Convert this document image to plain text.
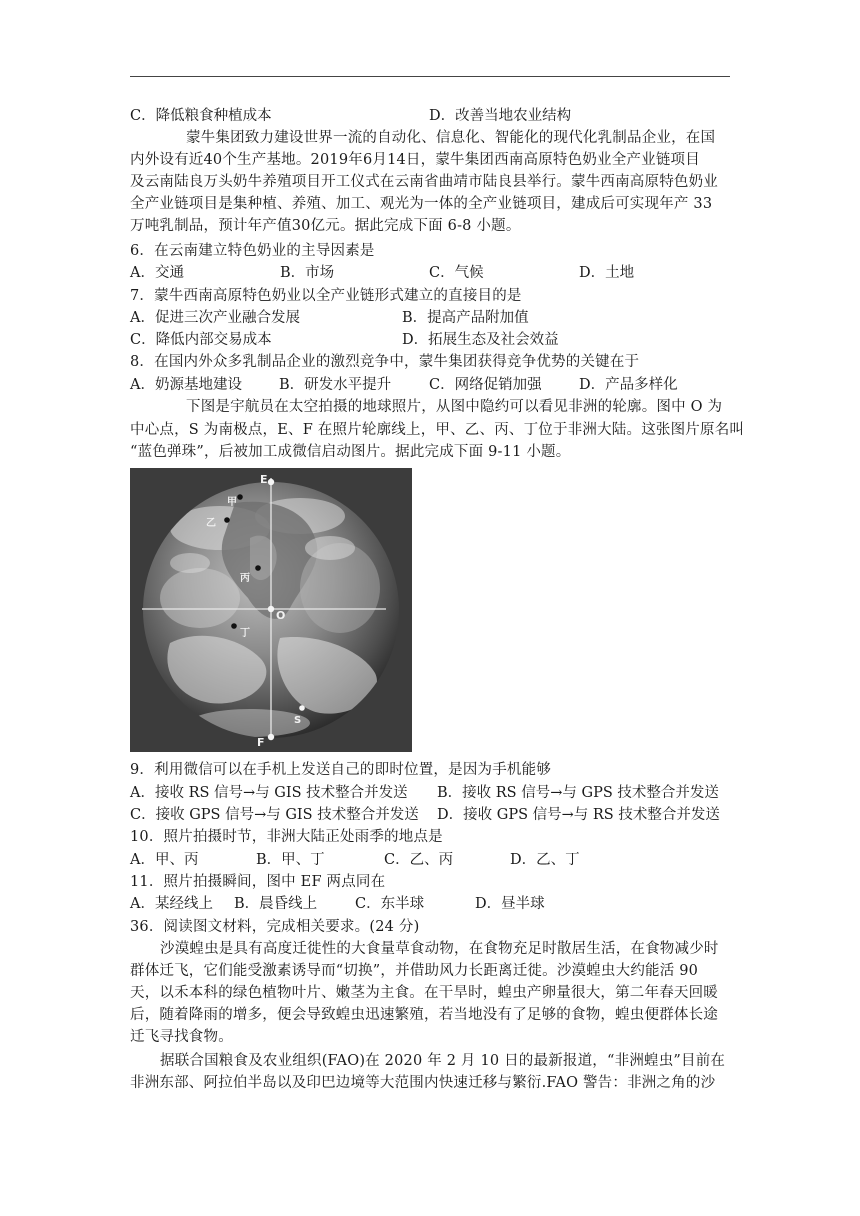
C．降低粮食种植成本	D．改善当地农业结构
蒙牛集团致力建设世界一流的自动化、信息化、智能化的现代化乳制品企业，在国
内外设有近40个生产基地。2019年6月14日，蒙牛集团西南高原特色奶业全产业链项目
及云南陆良万头奶牛养殖项目开工仪式在云南省曲靖市陆良县举行。蒙牛西南高原特色奶业
全产业链项目是集种植、养殖、加工、观光为一体的全产业链项目，建成后可实现年产 33
万吨乳制品，预计年产值30亿元。据此完成下面 6-8 小题。
6．在云南建立特色奶业的主导因素是
A．交通	B．市场	C．气候	D．土地
7．蒙牛西南高原特色奶业以全产业链形式建立的直接目的是
A．促进三次产业融合发展	B．提高产品附加值
C．降低内部交易成本	D．拓展生态及社会效益
8．在国内外众多乳制品企业的激烈竞争中，蒙牛集团获得竞争优势的关键在于
A．奶源基地建设	B．研发水平提升	C．网络促销加强	D．产品多样化
下图是宇航员在太空拍摄的地球照片，从图中隐约可以看见非洲的轮廓。图中 O 为
中心点，S 为南极点，E、F 在照片轮廓线上，甲、乙、丙、丁位于非洲大陆。这张图片原名叫
“蓝色弹珠”，后被加工成微信启动图片。据此完成下面 9-11 小题。
E
F
O
S
甲
乙
丙
丁
9．利用微信可以在手机上发送自己的即时位置，是因为手机能够
A．接收 RS 信号→与 GIS 技术整合并发送 B．接收 RS 信号→与 GPS 技术整合并发送
C．接收 GPS 信号→与 GIS 技术整合并发送 D．接收 GPS 信号→与 RS 技术整合并发送
10．照片拍摄时节，非洲大陆正处雨季的地点是
A．甲、丙	B．甲、丁	C．乙、丙	D．乙、丁
11．照片拍摄瞬间，图中 EF 两点同在
A．某经线上 B．晨昏线上	C．东半球	D．昼半球
36．阅读图文材料，完成相关要求。(24 分)
沙漠蝗虫是具有高度迁徙性的大食量草食动物，在食物充足时散居生活，在食物减少时
群体迁飞，它们能受激素诱导而“切换”，并借助风力长距离迁徙。沙漠蝗虫大约能活 90
天，以禾本科的绿色植物叶片、嫩茎为主食。在干旱时，蝗虫产卵量很大，第二年春天回暖
后，随着降雨的增多，便会导致蝗虫迅速繁殖，若当地没有了足够的食物，蝗虫便群体长途
迁飞寻找食物。
据联合国粮食及农业组织(FAO)在 2020 年 2 月 10 日的最新报道，“非洲蝗虫”目前在
非洲东部、阿拉伯半岛以及印巴边境等大范围内快速迁移与繁衍.FAO 警告：非洲之角的沙
